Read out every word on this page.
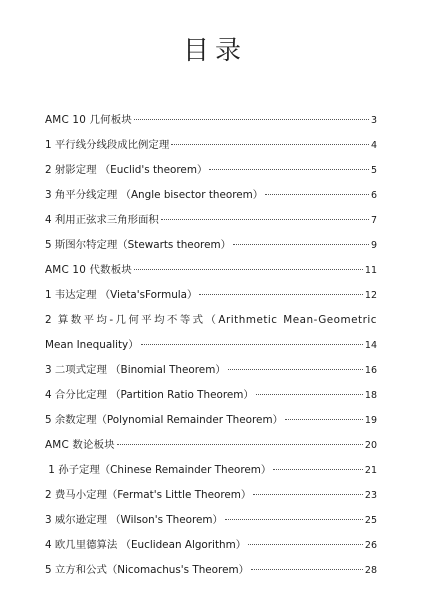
目录
AMC 10 几何板块	3
1 平行线分线段成比例定理	4
2 射影定理 （Euclid's theorem）	5
3 角平分线定理 （Angle bisector theorem）	6
4 利用正弦求三角形面积	7
5 斯图尔特定理（Stewarts theorem）	9
AMC 10 代数板块	11
1 韦达定理 （Vieta'sFormula）	12
2 算数平均-几何平均不等式（Arithmetic Mean-Geometric
Mean Inequality）	14
3 二项式定理 （Binomial Theorem）	16
4 合分比定理 （Partition Ratio Theorem）	18
5 余数定理（Polynomial Remainder Theorem）	19
AMC 数论板块	20
1 孙子定理（Chinese Remainder Theorem）	21
2 费马小定理（Fermat's Little Theorem）	23
3 威尔逊定理 （Wilson's Theorem）	25
4 欧几里德算法 （Euclidean Algorithm）	26
5 立方和公式（Nicomachus's Theorem）	28
